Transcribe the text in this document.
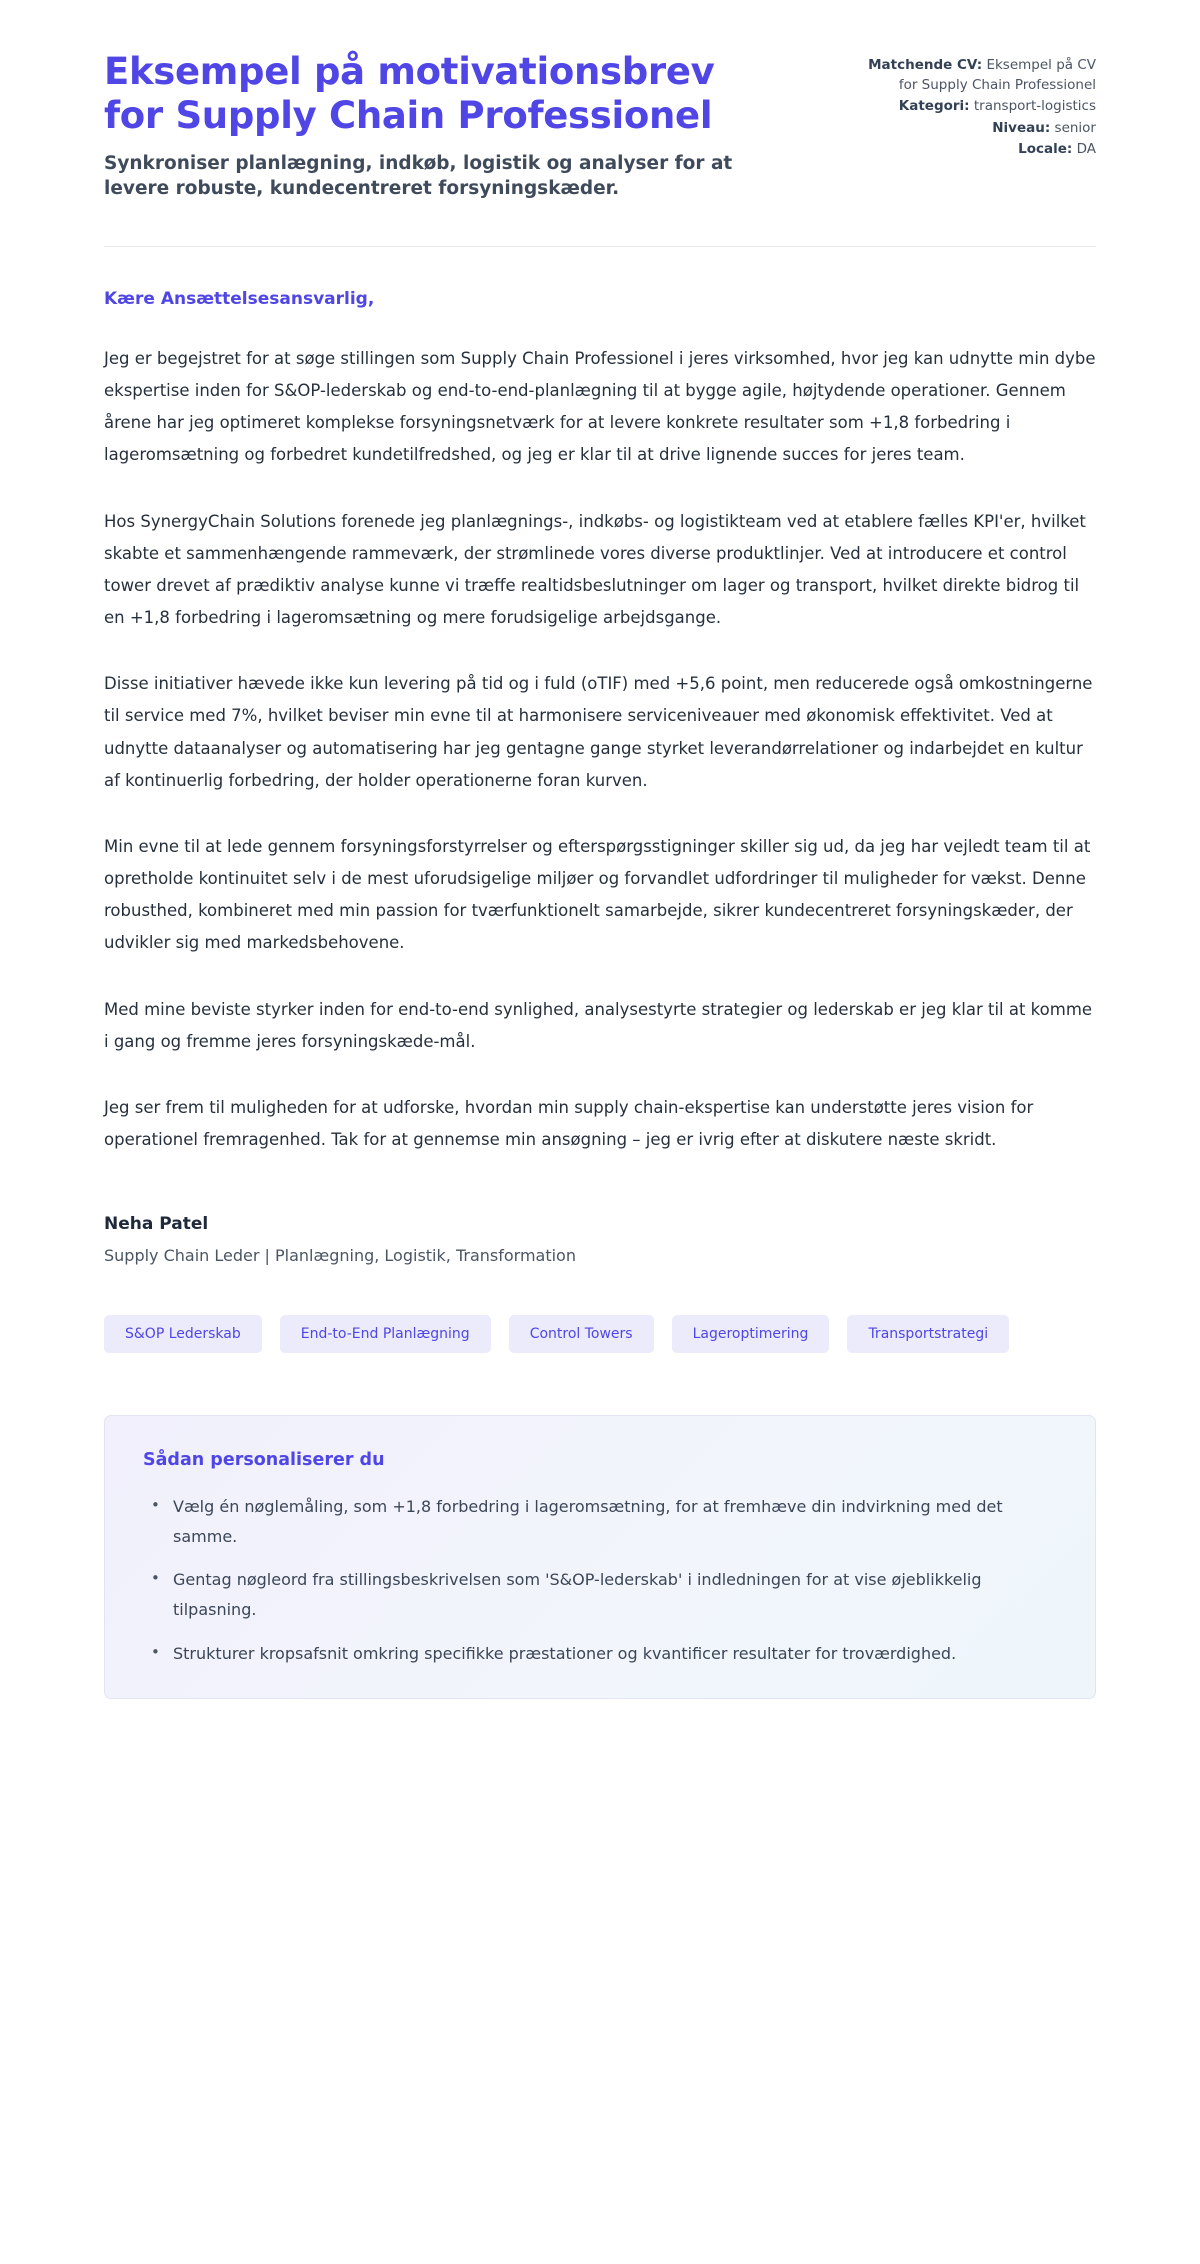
Eksempel på motivationsbrev for Supply Chain Professionel

Synkroniser planlægning, indkøb, logistik og analyser for at levere robuste, kundecentreret forsyningskæder.

Matchende CV: Eksempel på CV for Supply Chain Professionel
Kategori: transport-logistics
Niveau: senior
Locale: DA

Kære Ansættelsesansvarlig,

Jeg er begejstret for at søge stillingen som Supply Chain Professionel i jeres virksomhed, hvor jeg kan udnytte min dybe ekspertise inden for S&OP-lederskab og end-to-end-planlægning til at bygge agile, højtydende operationer. Gennem årene har jeg optimeret komplekse forsyningsnetværk for at levere konkrete resultater som +1,8 forbedring i lageromsætning og forbedret kundetilfredshed, og jeg er klar til at drive lignende succes for jeres team.

Hos SynergyChain Solutions forenede jeg planlægnings-, indkøbs- og logistikteam ved at etablere fælles KPI'er, hvilket skabte et sammenhængende rammeværk, der strømlinede vores diverse produktlinjer. Ved at introducere et control tower drevet af prædiktiv analyse kunne vi træffe realtidsbeslutninger om lager og transport, hvilket direkte bidrog til en +1,8 forbedring i lageromsætning og mere forudsigelige arbejdsgange.

Disse initiativer hævede ikke kun levering på tid og i fuld (oTIF) med +5,6 point, men reducerede også omkostningerne til service med 7%, hvilket beviser min evne til at harmonisere serviceniveauer med økonomisk effektivitet. Ved at udnytte dataanalyser og automatisering har jeg gentagne gange styrket leverandørrelationer og indarbejdet en kultur af kontinuerlig forbedring, der holder operationerne foran kurven.

Min evne til at lede gennem forsyningsforstyrrelser og efterspørgsstigninger skiller sig ud, da jeg har vejledt team til at opretholde kontinuitet selv i de mest uforudsigelige miljøer og forvandlet udfordringer til muligheder for vækst. Denne robusthed, kombineret med min passion for tværfunktionelt samarbejde, sikrer kundecentreret forsyningskæder, der udvikler sig med markedsbehovene.

Med mine beviste styrker inden for end-to-end synlighed, analysestyrte strategier og lederskab er jeg klar til at komme i gang og fremme jeres forsyningskæde-mål.

Jeg ser frem til muligheden for at udforske, hvordan min supply chain-ekspertise kan understøtte jeres vision for operationel fremragenhed. Tak for at gennemse min ansøgning – jeg er ivrig efter at diskutere næste skridt.

Neha Patel

Supply Chain Leder | Planlægning, Logistik, Transformation

S&OP Lederskab	End-to-End Planlægning	Control Towers	Lageroptimering	Transportstrategi
Sådan personaliserer du
• Vælg én nøglemåling, som +1,8 forbedring i lageromsætning, for at fremhæve din indvirkning med det samme.
• Gentag nøgleord fra stillingsbeskrivelsen som 'S&OP-lederskab' i indledningen for at vise øjeblikkelig tilpasning.
• Strukturer kropsafsnit omkring specifikke præstationer og kvantificer resultater for troværdighed.
